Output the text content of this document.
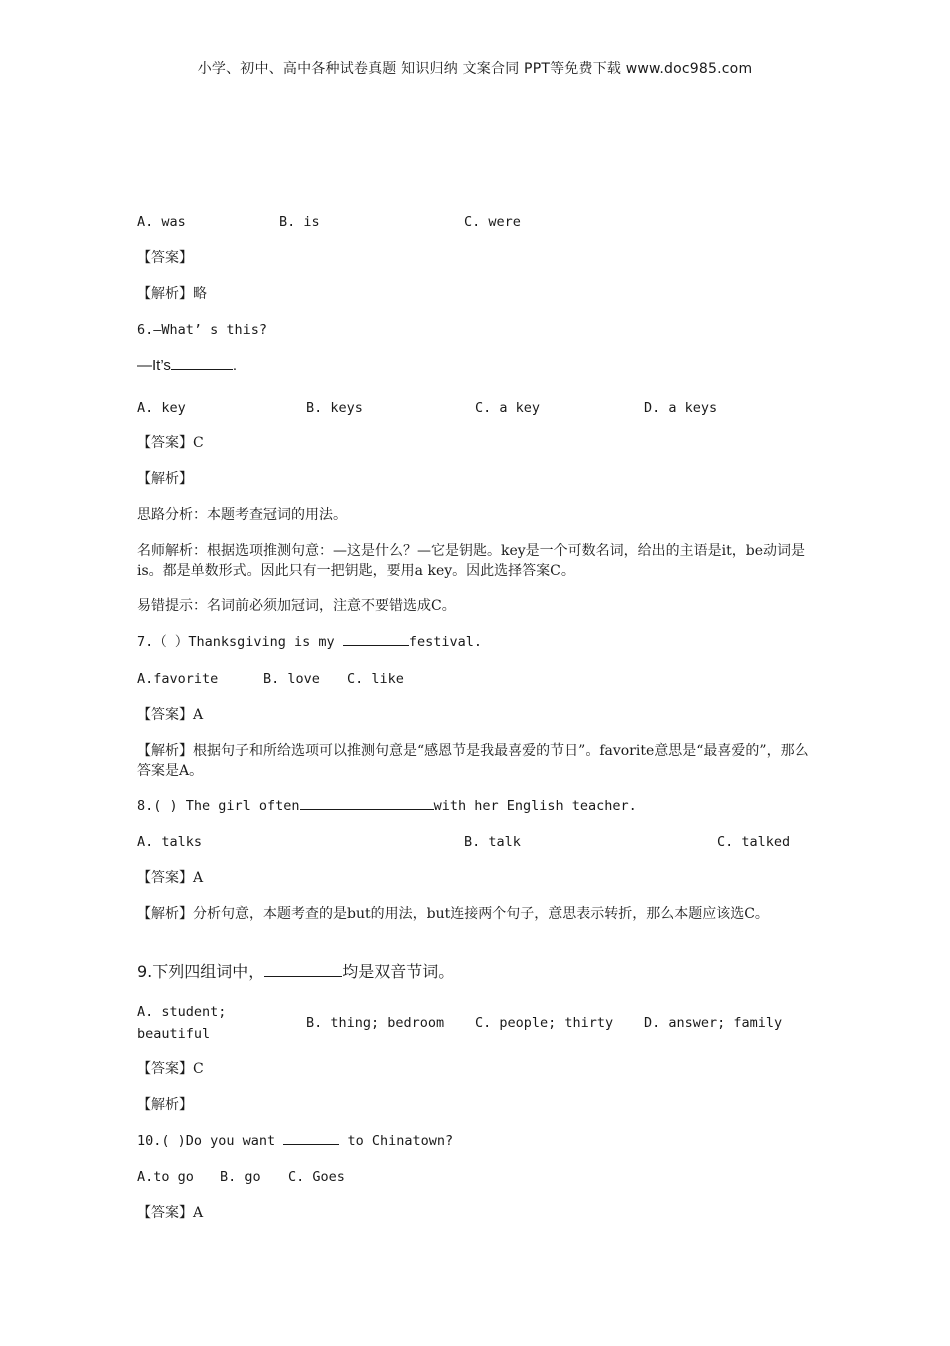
小学、初中、高中各种试卷真题 知识归纳 文案合同 PPT等免费下载 www.doc985.com
A. was	B. is	C. were
【答案】
【解析】略
6.—What’ s this?
—It’s	.
A. key	B. keys	C. a key	D. a keys
【答案】C
【解析】
思路分析：本题考查冠词的用法。
名师解析：根据选项推测句意：—这是什么？—它是钥匙。key是一个可数名词，给出的主语是it，be动词是is。都是单数形式。因此只有一把钥匙，要用a key。因此选择答案C。
易错提示：名词前必须加冠词，注意不要错选成C。
7.（ ）Thanksgiving is my	festival.
A.favorite	B. love C. like
【答案】A
【解析】根据句子和所给选项可以推测句意是“感恩节是我最喜爱的节日”。favorite意思是“最喜爱的”，那么答案是A。
8.( ) The girl often	with her English teacher.
A. talks	B. talk	C. talked
【答案】A
【解析】分析句意，本题考查的是but的用法，but连接两个句子，意思表示转折，那么本题应该选C。
9.下列四组词中，	均是双音节词。
A. student;
beautiful
B. thing; bedroom C. people; thirty D. answer; family
【答案】C
【解析】
10.( )Do you want	to Chinatown?
A.to go B. go C. Goes
【答案】A
